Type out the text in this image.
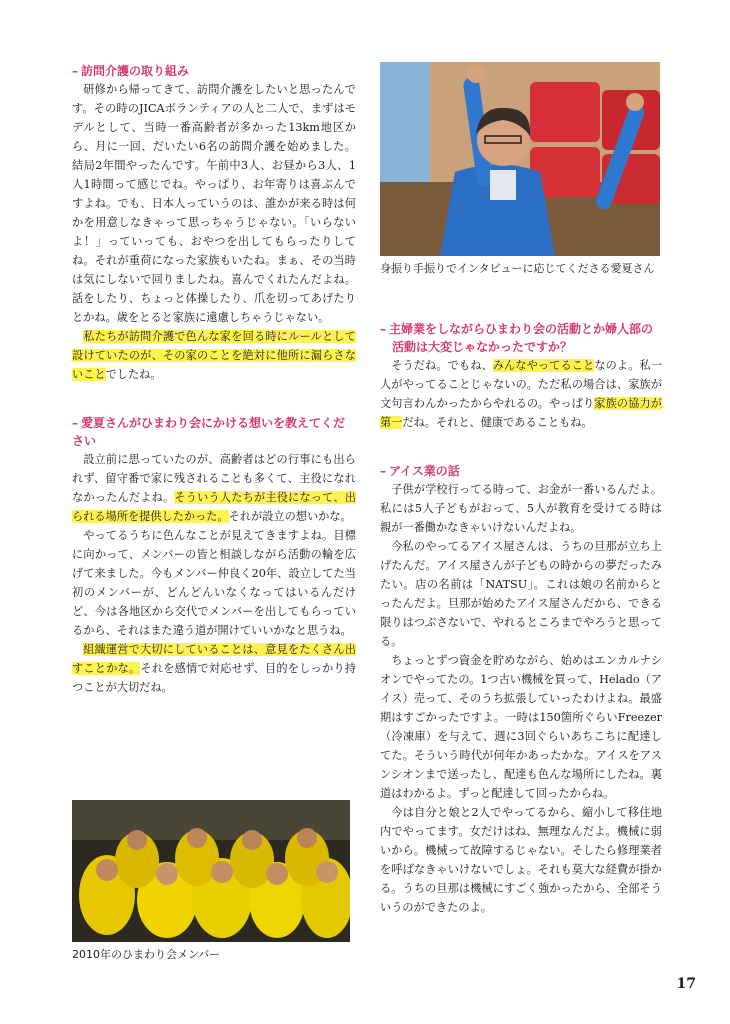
– 訪問介護の取り組み

研修から帰ってきて、訪問介護をしたいと思ったんです。その時のJICAボランティアの人と二人で、まずはモデルとして、当時一番高齢者が多かった13km地区から、月に一回、だいたい6名の訪問介護を始めました。結局2年間やったんです。午前中3人、お昼から3人、1人1時間って感じでね。やっぱり、お年寄りは喜ぶんですよね。でも、日本人っていうのは、誰かが来る時は何かを用意しなきゃって思っちゃうじゃない。「いらないよ！」っていっても、おやつを出してもらったりしてね。それが重荷になった家族もいたね。まぁ、その当時は気にしないで回りましたね。喜んでくれたんだよね。話をしたり、ちょっと体操したり、爪を切ってあげたりとかね。歳をとると家族に遠慮しちゃうじゃない。

私たちが訪問介護で色んな家を回る時にルールとして設けていたのが、その家のことを絶対に他所に漏らさないことでしたね。

– 愛夏さんがひまわり会にかける想いを教えてください

設立前に思っていたのが、高齢者はどの行事にも出られず、留守番で家に残されることも多くて、主役になれなかったんだよね。そういう人たちが主役になって、出られる場所を提供したかった。それが設立の想いかな。

やってるうちに色んなことが見えてきますよね。目標に向かって、メンバーの皆と相談しながら活動の輪を広げて来ました。今もメンバー仲良く20年、設立してた当初のメンバーが、どんどんいなくなってはいるんだけど、今は各地区から交代でメンバーを出してもらっているから、それはまた違う道が開けていいかなと思うね。

組織運営で大切にしていることは、意見をたくさん出すことかな。それを感情で対応せず、目的をしっかり持つことが大切だね。

2010年のひまわり会メンバー
身振り手振りでインタビューに応じてくださる愛夏さん
– 主婦業をしながらひまわり会の活動とか婦人部の活動は大変じゃなかったですか？

そうだね。でもね、みんなやってることなのよ。私一人がやってることじゃないの。ただ私の場合は、家族が文句言わんかったからやれるの。やっぱり家族の協力が第一だね。それと、健康であることもね。

– アイス業の話

子供が学校行ってる時って、お金が一番いるんだよ。私には5人子どもがおって、5人が教育を受けてる時は親が一番働かなきゃいけないんだよね。

今私のやってるアイス屋さんは、うちの旦那が立ち上げたんだ。アイス屋さんが子どもの時からの夢だったみたい。店の名前は「NATSU」。これは娘の名前からとったんだよ。旦那が始めたアイス屋さんだから、できる限りはつぶさないで、やれるところまでやろうと思ってる。

ちょっとずつ資金を貯めながら、始めはエンカルナシオンでやってたの。1つ古い機械を買って、Helado（アイス）売って、そのうち拡張していったわけよね。最盛期はすごかったですよ。一時は150箇所ぐらいFreezer（冷凍庫）を与えて、週に3回ぐらいあちこちに配達してた。そういう時代が何年かあったかな。アイスをアスンシオンまで送ったし、配達も色んな場所にしたね。裏道はわかるよ。ずっと配達して回ったからね。

今は自分と娘と2人でやってるから、縮小して移住地内でやってます。女だけはね、無理なんだよ。機械に弱いから。機械って故障するじゃない。そしたら修理業者を呼ばなきゃいけないでしょ。それも莫大な経費が掛かる。うちの旦那は機械にすごく強かったから、全部そういうのができたのよ。

17
